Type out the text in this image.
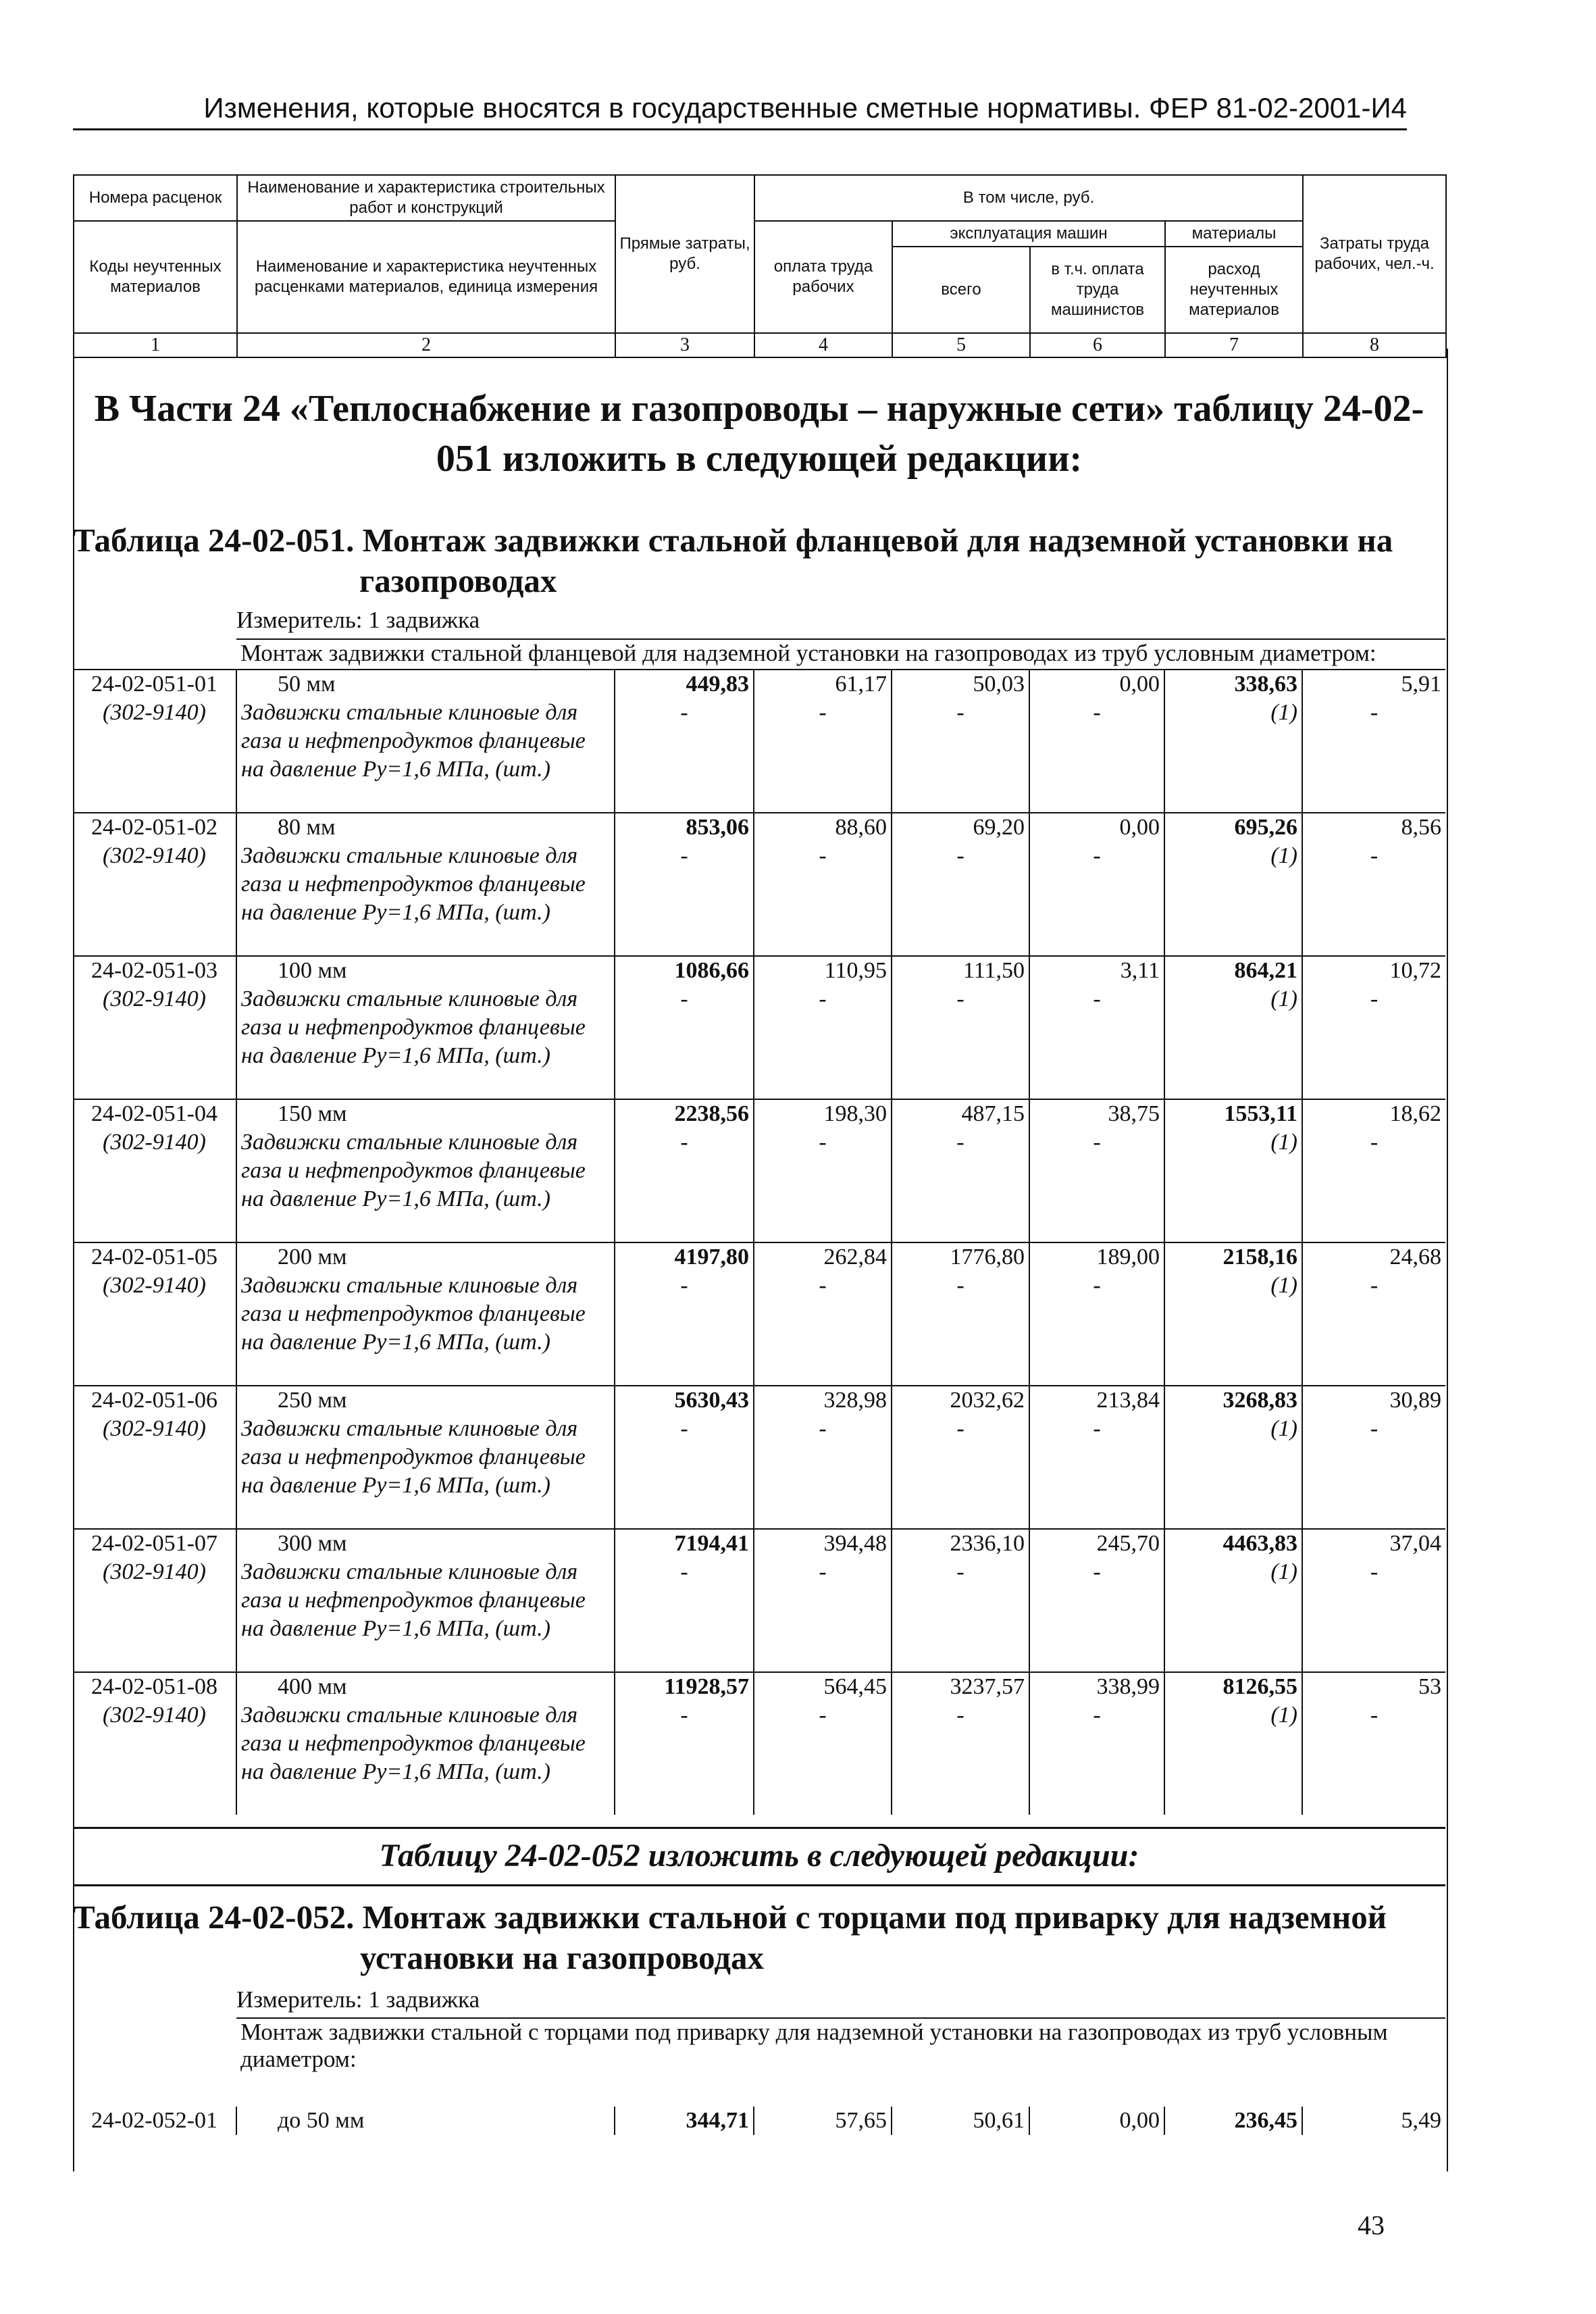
Изменения, которые вносятся в государственные сметные нормативы. ФЕР 81-02-2001-И4
Номера расценок	Наименование и характеристика строительных работ и конструкций	Прямые затраты, руб.	В том числе, руб.				Затраты труда рабочих, чел.-ч.
Коды неучтенных материалов	Наименование и характеристика неучтенных расценками материалов, единица измерения		оплата труда рабочих	эксплуатация машин		материалы	
				всего	в т.ч. оплата труда машинистов	расход неучтенных материалов	
1	2	3	4	5	6	7	8
В Части 24 «Теплоснабжение и газопроводы – наружные сети» таблицу 24-02-051 изложить в следующей редакции:
Таблица 24-02-051. Монтаж задвижки стальной фланцевой для надземной установки на
газопроводах
Измеритель: 1 задвижка
Монтаж задвижки стальной фланцевой для надземной установки на газопроводах из труб условным диаметром:
24-02-051-01	50 мм	449,83	61,17	50,03	0,00	338,63	5,91
(302-9140)	Задвижки стальные клиновые для газа и нефтепродуктов фланцевые на давление Ру=1,6 МПа, (шт.)	-	-	-	-	(1)	-
24-02-051-02	80 мм	853,06	88,60	69,20	0,00	695,26	8,56
(302-9140)	Задвижки стальные клиновые для газа и нефтепродуктов фланцевые на давление Ру=1,6 МПа, (шт.)	-	-	-	-	(1)	-
24-02-051-03	100 мм	1086,66	110,95	111,50	3,11	864,21	10,72
(302-9140)	Задвижки стальные клиновые для газа и нефтепродуктов фланцевые на давление Ру=1,6 МПа, (шт.)	-	-	-	-	(1)	-
24-02-051-04	150 мм	2238,56	198,30	487,15	38,75	1553,11	18,62
(302-9140)	Задвижки стальные клиновые для газа и нефтепродуктов фланцевые на давление Ру=1,6 МПа, (шт.)	-	-	-	-	(1)	-
24-02-051-05	200 мм	4197,80	262,84	1776,80	189,00	2158,16	24,68
(302-9140)	Задвижки стальные клиновые для газа и нефтепродуктов фланцевые на давление Ру=1,6 МПа, (шт.)	-	-	-	-	(1)	-
24-02-051-06	250 мм	5630,43	328,98	2032,62	213,84	3268,83	30,89
(302-9140)	Задвижки стальные клиновые для газа и нефтепродуктов фланцевые на давление Ру=1,6 МПа, (шт.)	-	-	-	-	(1)	-
24-02-051-07	300 мм	7194,41	394,48	2336,10	245,70	4463,83	37,04
(302-9140)	Задвижки стальные клиновые для газа и нефтепродуктов фланцевые на давление Ру=1,6 МПа, (шт.)	-	-	-	-	(1)	-
24-02-051-08	400 мм	11928,57	564,45	3237,57	338,99	8126,55	53
(302-9140)	Задвижки стальные клиновые для газа и нефтепродуктов фланцевые на давление Ру=1,6 МПа, (шт.)	-	-	-	-	(1)	-
Таблицу 24-02-052 изложить в следующей редакции:
Таблица 24-02-052. Монтаж задвижки стальной с торцами под приварку для надземной
установки на газопроводах
Измеритель: 1 задвижка
Монтаж задвижки стальной с торцами под приварку для надземной установки на газопроводах из труб условным диаметром:
24-02-052-01	до 50 мм	344,71	57,65	50,61	0,00	236,45	5,49
43
